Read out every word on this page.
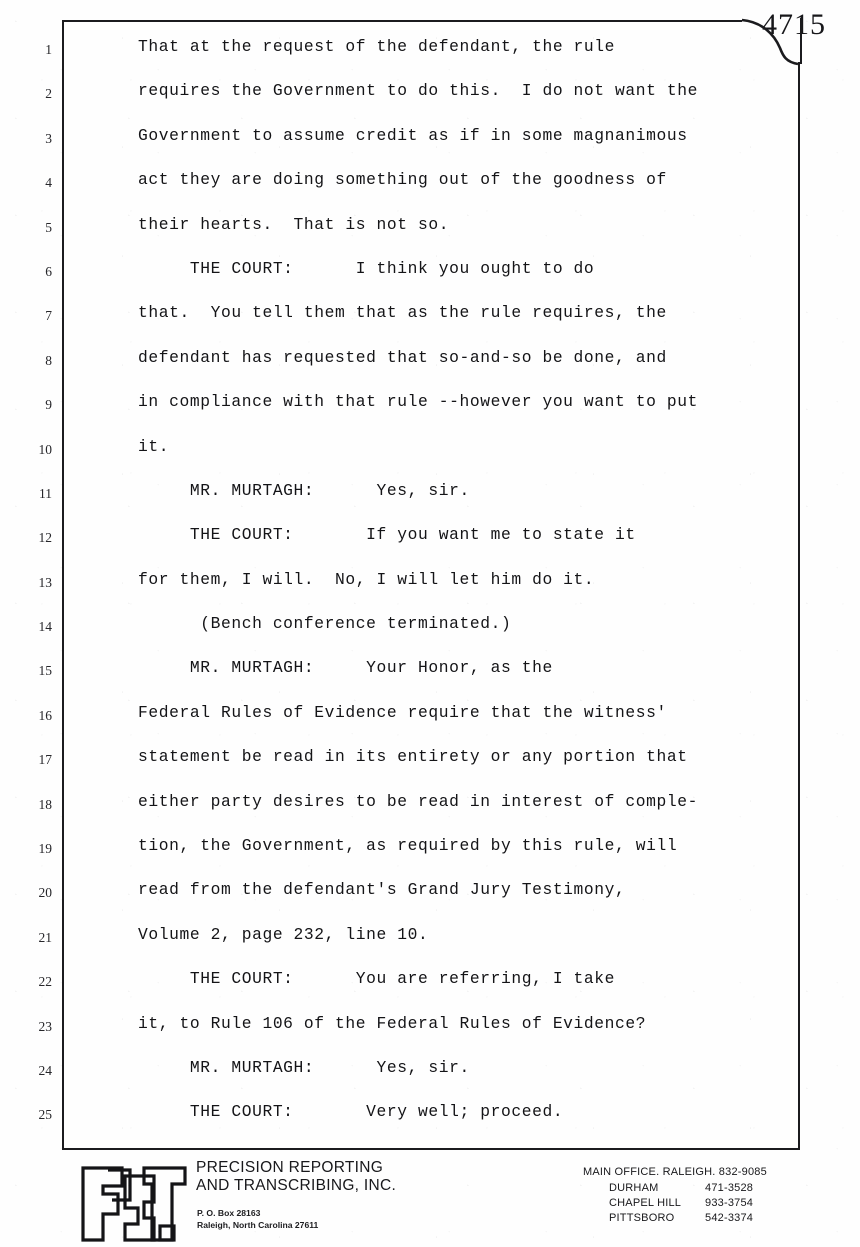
4715
1	That at the request of the defendant, the rule
2	requires the Government to do this.  I do not want the
3	Government to assume credit as if in some magnanimous
4	act they are doing something out of the goodness of
5	their hearts.  That is not so.
6	THE COURT:      I think you ought to do
7	that.  You tell them that as the rule requires, the
8	defendant has requested that so-and-so be done, and
9	in compliance with that rule --however you want to put
10	it.
11	MR. MURTAGH:      Yes, sir.
12	THE COURT:       If you want me to state it
13	for them, I will.  No, I will let him do it.
14	(Bench conference terminated.)
15	MR. MURTAGH:     Your Honor, as the
16	Federal Rules of Evidence require that the witness'
17	statement be read in its entirety or any portion that
18	either party desires to be read in interest of comple-
19	tion, the Government, as required by this rule, will
20	read from the defendant's Grand Jury Testimony,
21	Volume 2, page 232, line 10.
22	THE COURT:      You are referring, I take
23	it, to Rule 106 of the Federal Rules of Evidence?
24	MR. MURTAGH:      Yes, sir.
25	THE COURT:       Very well; proceed.
PRECISION REPORTING
AND TRANSCRIBING, INC.
P. O. Box 28163
Raleigh, North Carolina 27611
MAIN OFFICE. RALEIGH. 832-9085
DURHAM	471-3528
CHAPEL HILL	933-3754
PITTSBORO	542-3374
